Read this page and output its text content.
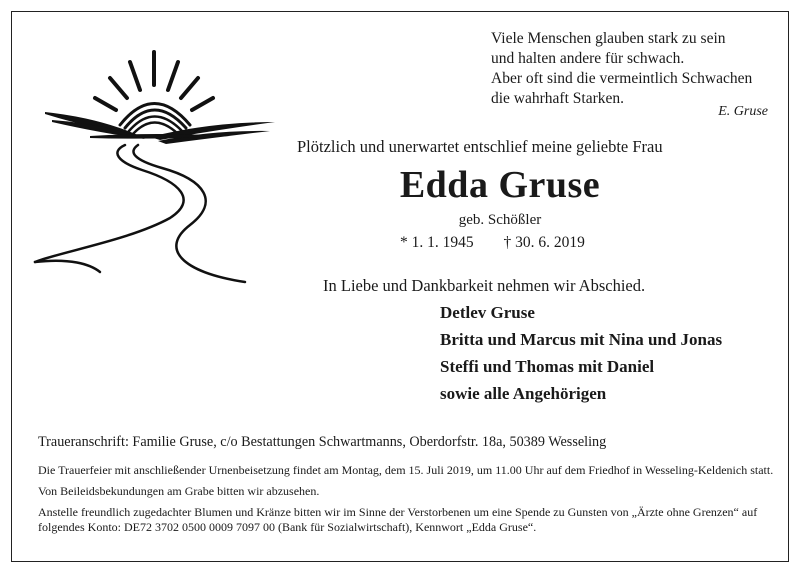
Viele Menschen glauben stark zu sein
und halten andere für schwach.
Aber oft sind die vermeintlich Schwachen
die wahrhaft Starken.
E. Gruse
Plötzlich und unerwartet entschlief meine geliebte Frau
Edda Gruse
geb. Schößler
* 1. 1. 1945 † 30. 6. 2019
In Liebe und Dankbarkeit nehmen wir Abschied.
Detlev Gruse
Britta und Marcus mit Nina und Jonas
Steffi und Thomas mit Daniel
sowie alle Angehörigen
Traueranschrift: Familie Gruse, c/o Bestattungen Schwartmanns, Oberdorfstr. 18a, 50389 Wesseling

Die Trauerfeier mit anschließender Urnenbeisetzung findet am Montag, dem 15. Juli 2019, um 11.00 Uhr auf dem Friedhof in Wesseling-Keldenich statt.

Von Beileidsbekundungen am Grabe bitten wir abzusehen.

Anstelle freundlich zugedachter Blumen und Kränze bitten wir im Sinne der Verstorbenen um eine Spende zu Gunsten von „Ärzte ohne Grenzen“ auf folgendes Konto: DE72 3702 0500 0009 7097 00 (Bank für Sozialwirtschaft), Kennwort „Edda Gruse“.
